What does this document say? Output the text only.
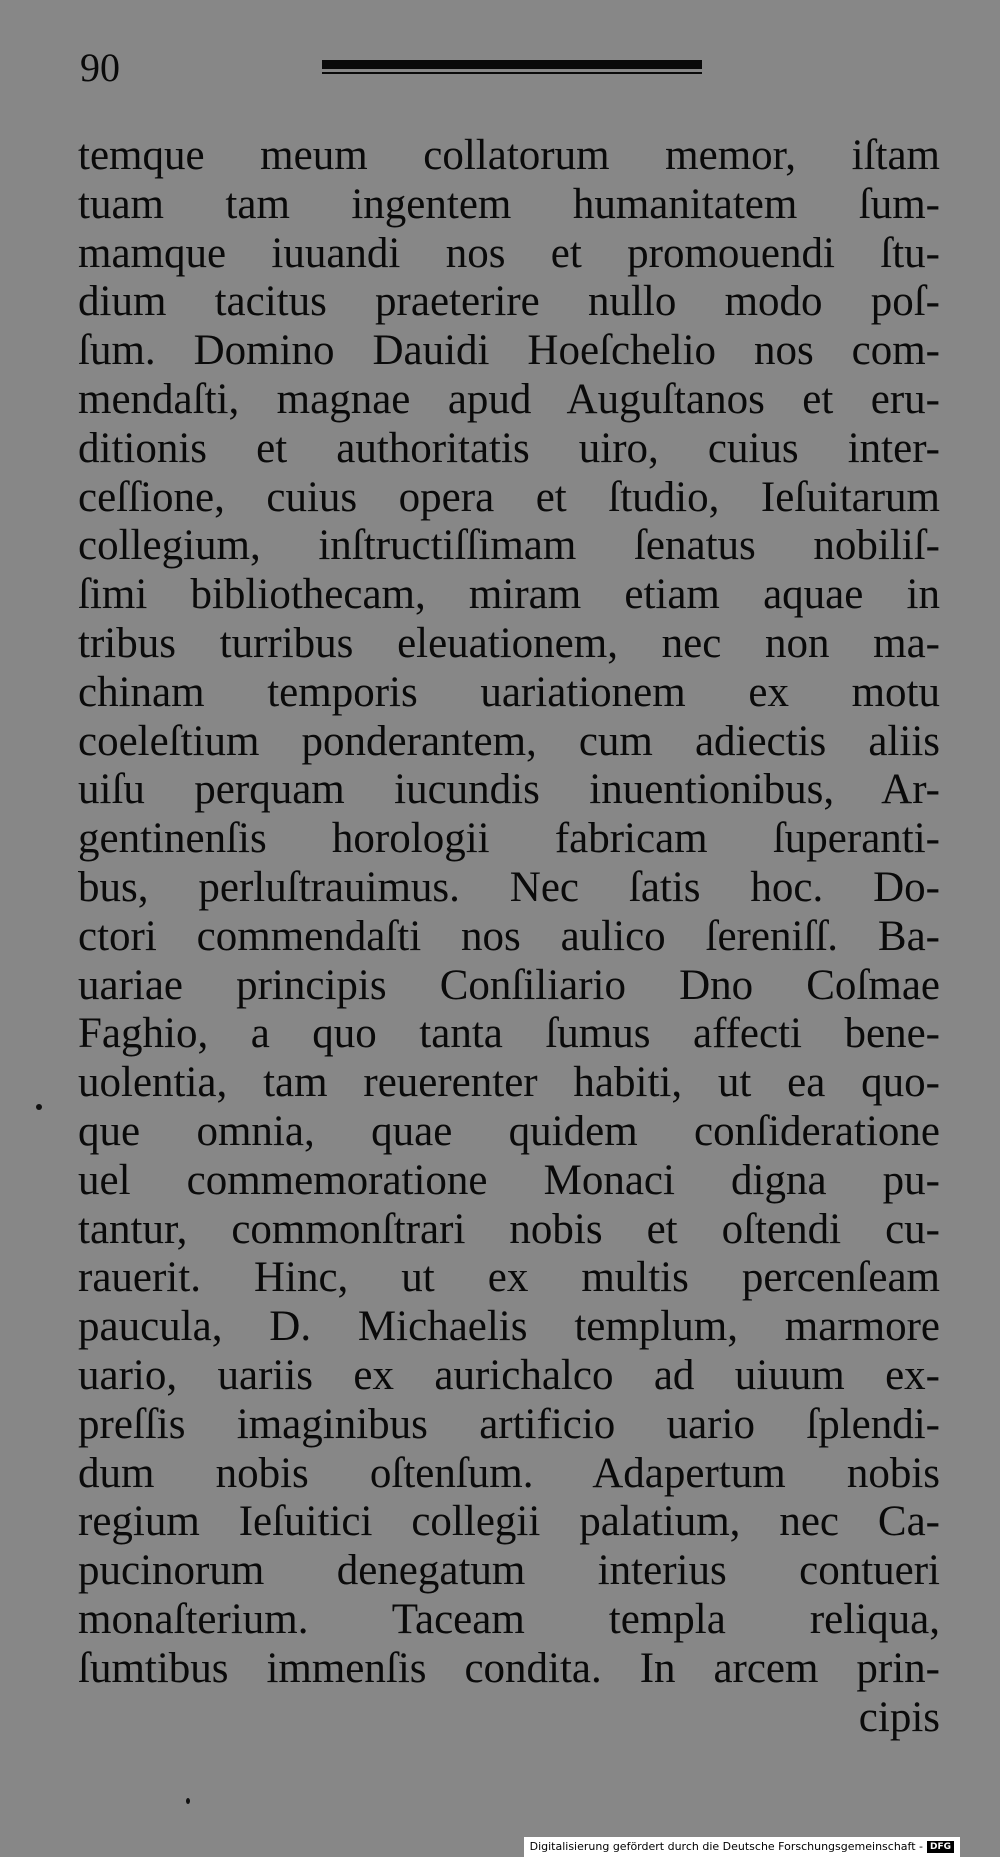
90
temque meum collatorum memor, iſtam
tuam tam ingentem humanitatem ſum-
mamque iuuandi nos et promouendi ſtu-
dium tacitus praeterire nullo modo poſ-
ſum. Domino Dauidi Hoeſchelio nos com-
mendaſti, magnae apud Auguſtanos et eru-
ditionis et authoritatis uiro, cuius inter-
ceſſione, cuius opera et ſtudio, Ieſuitarum
collegium, inſtructiſſimam ſenatus nobiliſ-
ſimi bibliothecam, miram etiam aquae in
tribus turribus eleuationem, nec non ma-
chinam temporis uariationem ex motu
coeleſtium ponderantem, cum adiectis aliis
uiſu perquam iucundis inuentionibus, Ar-
gentinenſis horologii fabricam ſuperanti-
bus, perluſtrauimus. Nec ſatis hoc. Do-
ctori commendaſti nos aulico ſereniſſ. Ba-
uariae principis Conſiliario Dno Coſmae
Faghio, a quo tanta ſumus affecti bene-
uolentia, tam reuerenter habiti, ut ea quo-
que omnia, quae quidem conſideratione
uel commemoratione Monaci digna pu-
tantur, commonſtrari nobis et oſtendi cu-
rauerit. Hinc, ut ex multis percenſeam
paucula, D. Michaelis templum, marmore
uario, uariis ex aurichalco ad uiuum ex-
preſſis imaginibus artificio uario ſplendi-
dum nobis oſtenſum. Adapertum nobis
regium Ieſuitici collegii palatium, nec Ca-
pucinorum denegatum interius contueri
monaſterium. Taceam templa reliqua,
ſumtibus immenſis condita. In arcem prin-
cipis
Digitalisierung gefördert durch die Deutsche Forschungsgemeinschaft - DFG
